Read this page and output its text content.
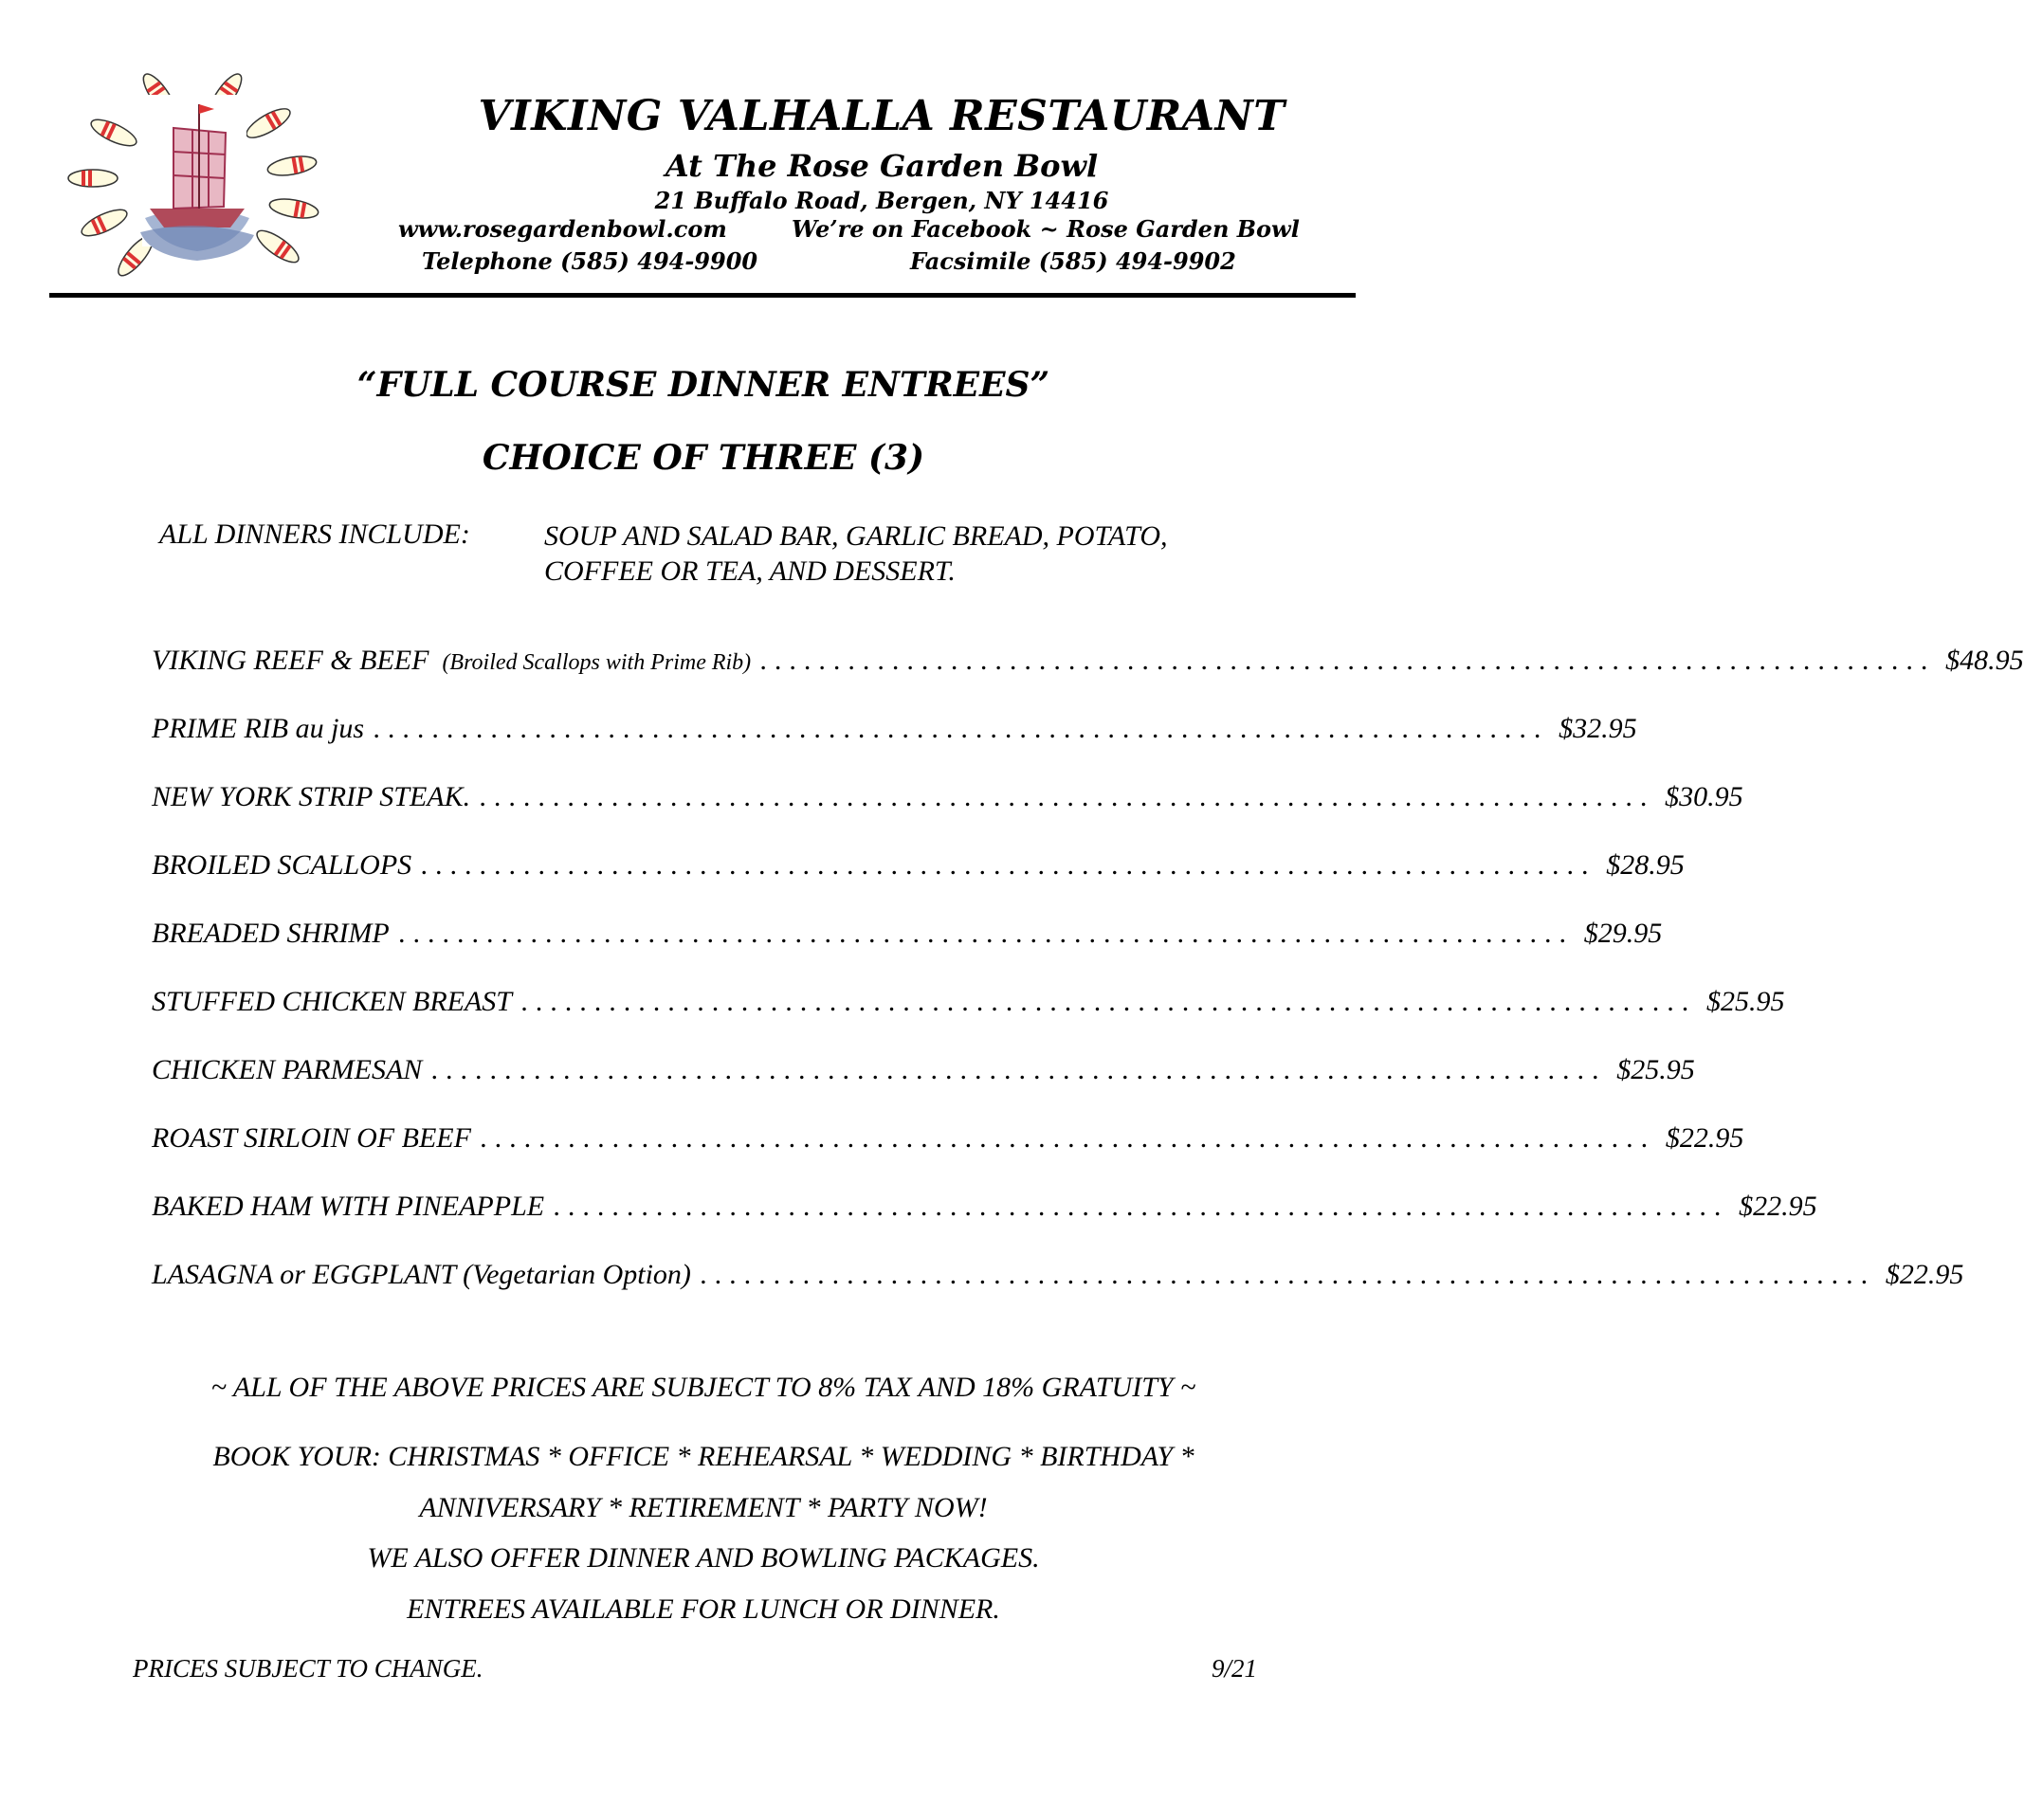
VIKING VALHALLA RESTAURANT
At The Rose Garden Bowl
21 Buffalo Road, Bergen, NY 14416
www.rosegardenbowl.com	We’re on Facebook ~ Rose Garden Bowl
Telephone (585) 494-9900	Facsimile (585) 494-9902
“FULL COURSE DINNER ENTREES”
CHOICE OF THREE (3)
ALL DINNERS INCLUDE:	SOUP AND SALAD BAR, GARLIC BREAD, POTATO,
COFFEE OR TEA, AND DESSERT.
VIKING REEF & BEEF (Broiled Scallops with Prime Rib) ................................................................................ $48.95
PRIME RIB au jus ................................................................................ $32.95
NEW YORK STRIP STEAK. ................................................................................ $30.95
BROILED SCALLOPS ................................................................................ $28.95
BREADED SHRIMP ................................................................................ $29.95
STUFFED CHICKEN BREAST ................................................................................ $25.95
CHICKEN PARMESAN ................................................................................ $25.95
ROAST SIRLOIN OF BEEF ................................................................................ $22.95
BAKED HAM WITH PINEAPPLE ................................................................................ $22.95
LASAGNA or EGGPLANT (Vegetarian Option) ................................................................................ $22.95
~ ALL OF THE ABOVE PRICES ARE SUBJECT TO 8% TAX AND 18% GRATUITY ~
BOOK YOUR: CHRISTMAS * OFFICE * REHEARSAL * WEDDING * BIRTHDAY *
ANNIVERSARY * RETIREMENT * PARTY NOW!
WE ALSO OFFER DINNER AND BOWLING PACKAGES.
ENTREES AVAILABLE FOR LUNCH OR DINNER.
PRICES SUBJECT TO CHANGE.	9/21
